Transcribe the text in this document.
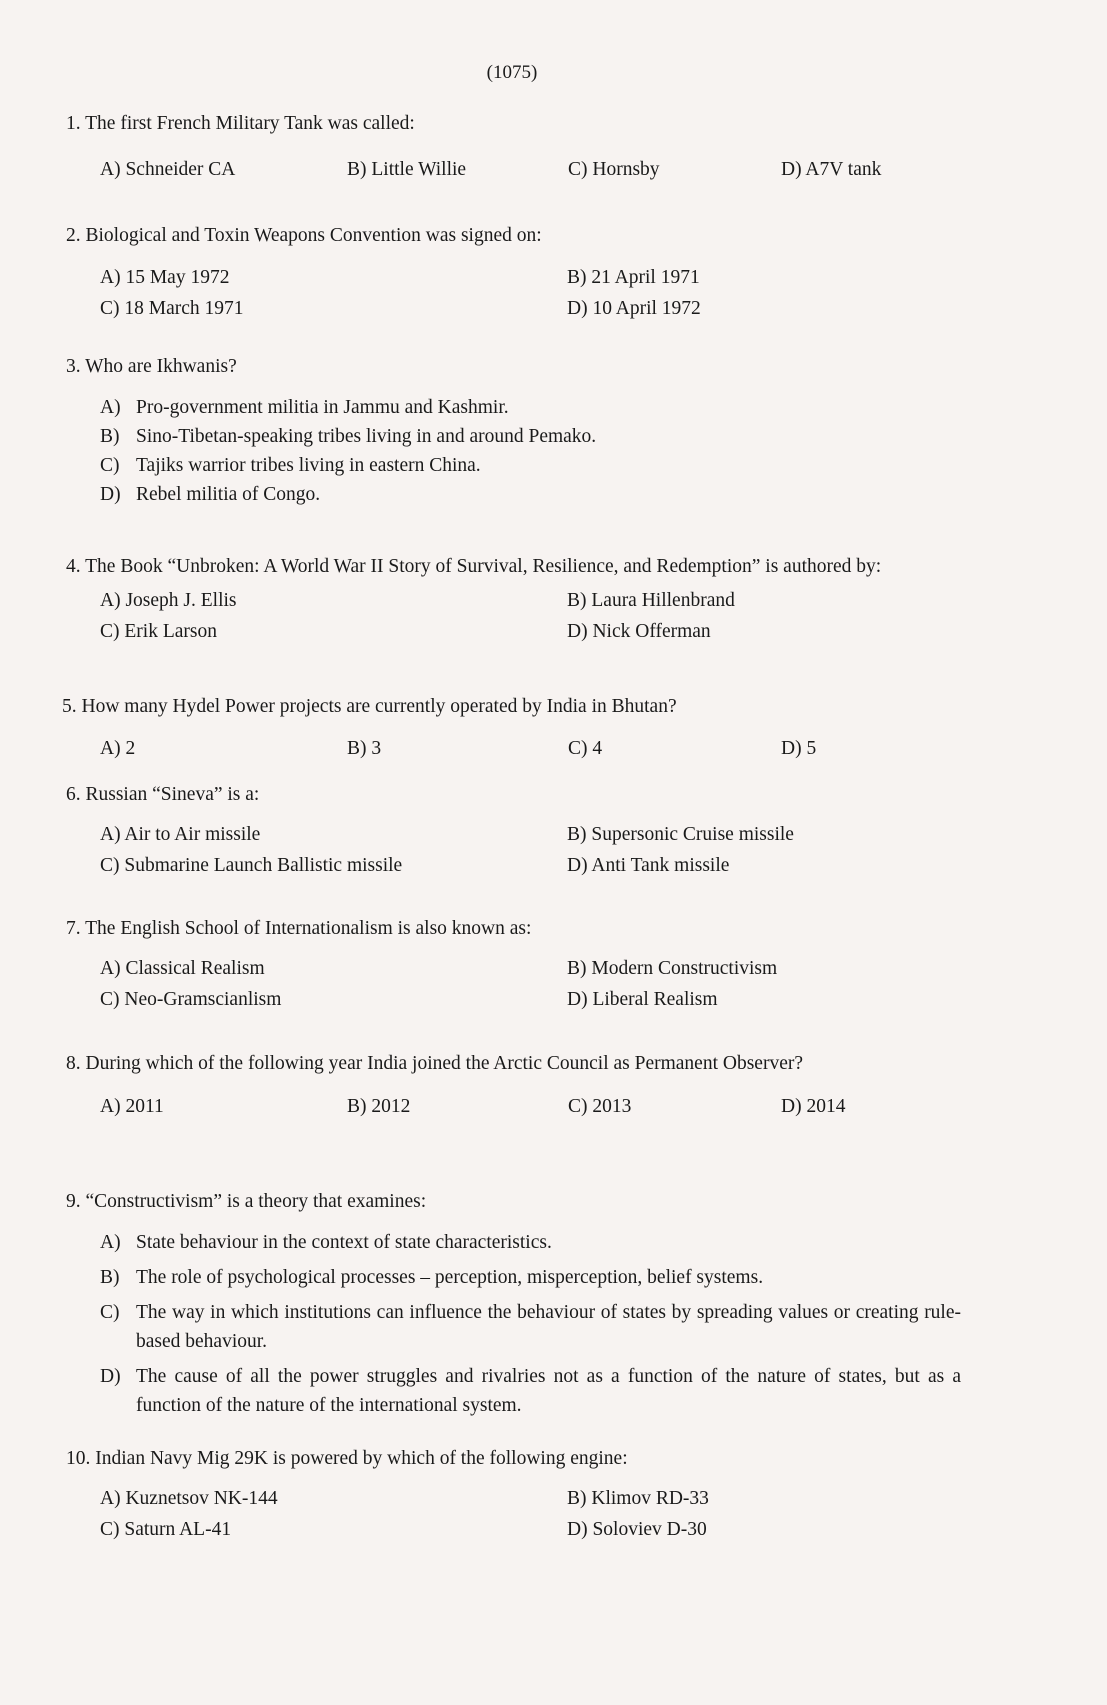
(1075)
1. The first French Military Tank was called:
A) Schneider CA	B) Little Willie	C) Hornsby	D) A7V tank
2. Biological and Toxin Weapons Convention was signed on:
A) 15 May 1972	B) 21 April 1971
C) 18 March 1971	D) 10 April 1972
3. Who are Ikhwanis?
A) Pro-government militia in Jammu and Kashmir.
B) Sino-Tibetan-speaking tribes living in and around Pemako.
C) Tajiks warrior tribes living in eastern China.
D) Rebel militia of Congo.
4. The Book “Unbroken: A World War II Story of Survival, Resilience, and Redemption” is authored by:
A) Joseph J. Ellis	B) Laura Hillenbrand
C) Erik Larson	D) Nick Offerman
5. How many Hydel Power projects are currently operated by India in Bhutan?
A) 2	B) 3	C) 4	D) 5
6. Russian “Sineva” is a:
A) Air to Air missile	B) Supersonic Cruise missile
C) Submarine Launch Ballistic missile	D) Anti Tank missile
7. The English School of Internationalism is also known as:
A) Classical Realism	B) Modern Constructivism
C) Neo-Gramscianlism	D) Liberal Realism
8. During which of the following year India joined the Arctic Council as Permanent Observer?
A) 2011	B) 2012	C) 2013	D) 2014
9. “Constructivism” is a theory that examines:
A) State behaviour in the context of state characteristics.
B) The role of psychological processes – perception, misperception, belief systems.
C) The way in which institutions can influence the behaviour of states by spreading values or creating rule-based behaviour.
D) The cause of all the power struggles and rivalries not as a function of the nature of states, but as a function of the nature of the international system.
10. Indian Navy Mig 29K is powered by which of the following engine:
A) Kuznetsov NK-144	B) Klimov RD-33
C) Saturn AL-41	D) Soloviev D-30
